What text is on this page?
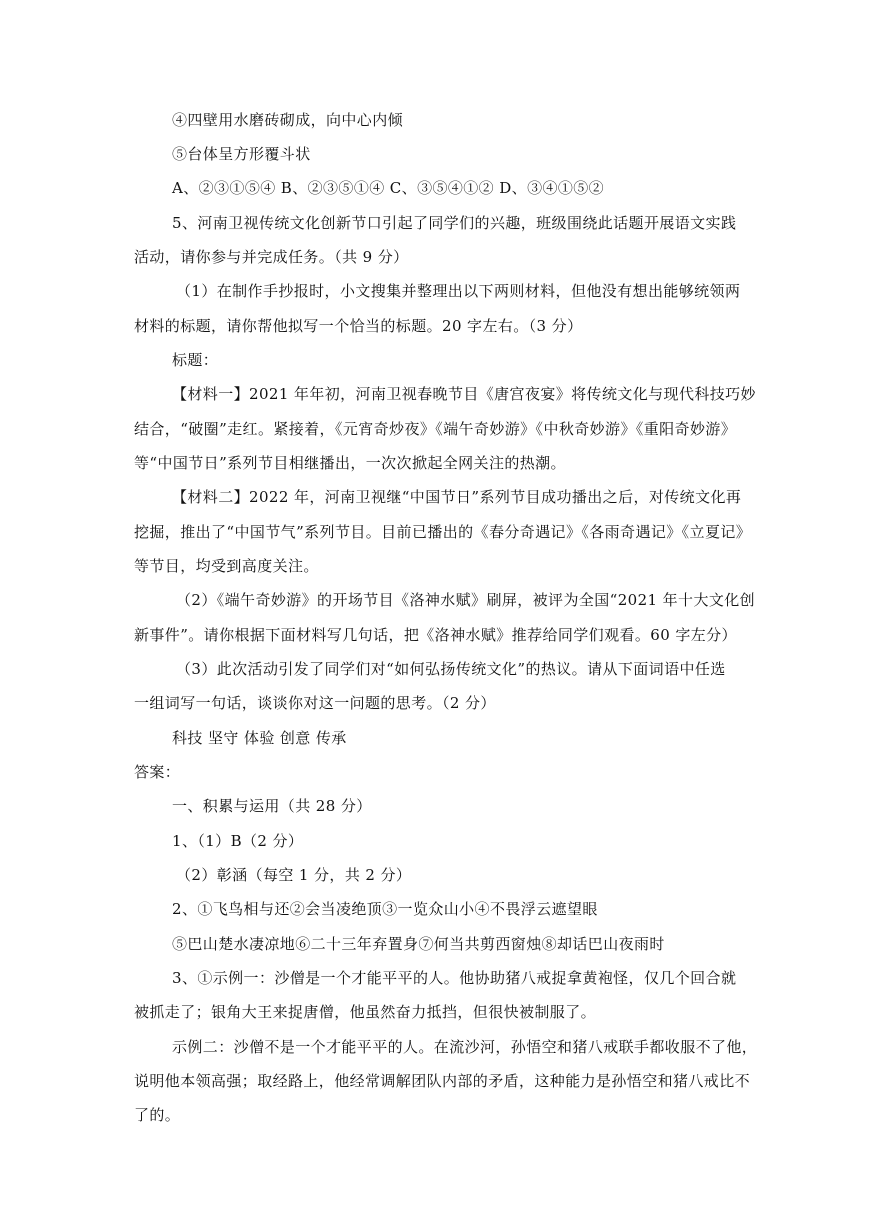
④四壁用水磨砖砌成，向中心内倾
⑤台体呈方形覆斗状
A、②③①⑤④ B、②③⑤①④ C、③⑤④①② D、③④①⑤②
5、河南卫视传统文化创新节口引起了同学们的兴趣，班级围绕此话题开展语文实践
活动，请你参与并完成任务。（共 9 分）
（1）在制作手抄报时，小文搜集并整理出以下两则材料，但他没有想出能够统领两
材料的标题，请你帮他拟写一个恰当的标题。20 字左右。（3 分）
标题：
【材料一】2021 年年初，河南卫视春晚节目《唐宫夜宴》将传统文化与现代科技巧妙
结合，“破圈”走红。紧接着，《元宵奇炒夜》《端午奇妙游》《中秋奇妙游》《重阳奇妙游》
等“中国节日”系列节目相继播出，一次次掀起全网关注的热潮。
【材料二】2022 年，河南卫视继“中国节日”系列节目成功播出之后，对传统文化再
挖掘，推出了“中国节气”系列节目。目前已播出的《春分奇遇记》《各雨奇遇记》《立夏记》
等节目，均受到高度关注。
（2）《端午奇妙游》的开场节目《洛神水赋》刷屏，被评为全国“2021 年十大文化创
新事件”。请你根据下面材料写几句话，把《洛神水赋》推荐给同学们观看。60 字左分）
（3）此次活动引发了同学们对“如何弘扬传统文化”的热议。请从下面词语中任选
一组词写一句话，谈谈你对这一问题的思考。（2 分）
科技 坚守 体验 创意 传承
答案：
一、积累与运用（共 28 分）
1、（1）B（2 分）
（2）彰涵（每空 1 分，共 2 分）
2、①飞鸟相与还②会当凌绝顶③一览众山小④不畏浮云遮望眼
⑤巴山楚水凄凉地⑥二十三年弃置身⑦何当共剪西窗烛⑧却话巴山夜雨时
3、①示例一：沙僧是一个才能平平的人。他协助猪八戒捉拿黄袍怪，仅几个回合就
被抓走了；银角大王来捉唐僧，他虽然奋力抵挡，但很快被制服了。
示例二：沙僧不是一个才能平平的人。在流沙河，孙悟空和猪八戒联手都收服不了他，
说明他本领高强；取经路上，他经常调解团队内部的矛盾，这种能力是孙悟空和猪八戒比不
了的。
